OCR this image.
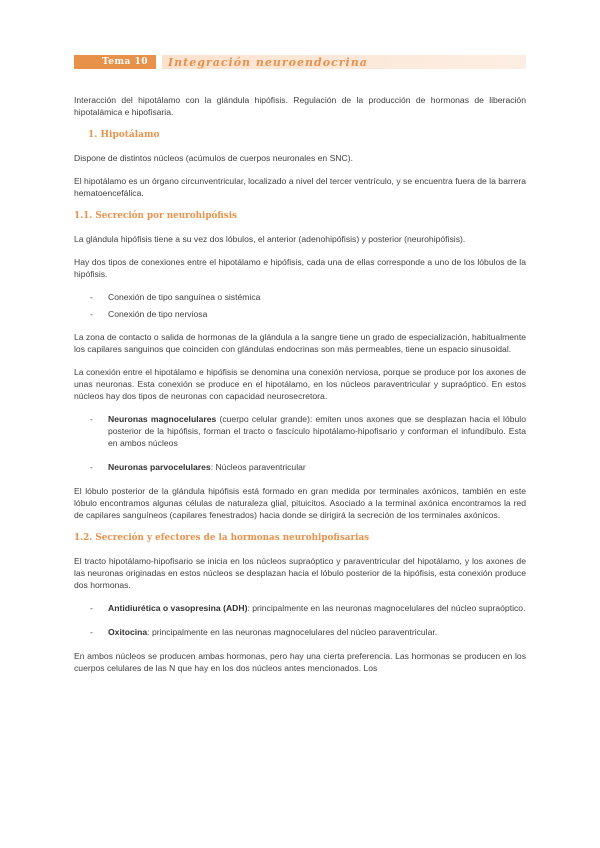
Tema 10	Integración neuroendocrina

Interacción del hipotálamo con la glándula hipófisis. Regulación de la producción de hormonas de liberación hipotalámica e hipofisaria.

1. Hipotálamo

Dispone de distintos núcleos (acúmulos de cuerpos neuronales en SNC).

El hipotálamo es un órgano circunventricular, localizado a nivel del tercer ventrículo, y se encuentra fuera de la barrera hematoencefálica.

1.1. Secreción por neurohipófisis

La glándula hipófisis tiene a su vez dos lóbulos, el anterior (adenohipófisis) y posterior (neurohipófisis).

Hay dos tipos de conexiones entre el hipotálamo e hipófisis, cada una de ellas corresponde a uno de los lóbulos de la hipófisis.

- Conexión de tipo sanguínea o sistémica
- Conexión de tipo nerviosa

La zona de contacto o salida de hormonas de la glándula a la sangre tiene un grado de especialización, habitualmente los capilares sanguinos que coinciden con glándulas endocrinas son más permeables, tiene un espacio sinusoidal.

La conexión entre el hipotálamo e hipófisis se denomina una conexión nerviosa, porque se produce por los axones de unas neuronas. Esta conexión se produce en el hipotálamo, en los núcleos paraventricular y supraóptico. En estos núcleos hay dos tipos de neuronas con capacidad neurosecretora.

- Neuronas magnocelulares (cuerpo celular grande): emiten unos axones que se desplazan hacia el lóbulo posterior de la hipófisis, forman el tracto o fascículo hipotálamo-hipofisario y conforman el infundíbulo. Esta en ambos núcleos
- Neuronas parvocelulares: Núcleos paraventricular

El lóbulo posterior de la glándula hipófisis está formado en gran medida por terminales axónicos, también en este lóbulo encontramos algunas células de naturaleza glial, pituicitos. Asociado a la terminal axónica encontramos la red de capilares sanguíneos (capilares fenestrados) hacia donde se dirigirá la secreción de los terminales axónicos.

1.2. Secreción y efectores de la hormonas neurohipofisarias

El tracto hipotálamo-hipofisario se inicia en los núcleos supraóptico y paraventricular del hipotálamo, y los axones de las neuronas originadas en estos núcleos se desplazan hacia el lóbulo posterior de la hipófisis, esta conexión produce dos hormonas.

- Antidiurética o vasopresina (ADH): principalmente en las neuronas magnocelulares del núcleo supraóptico.
- Oxitocina: principalmente en las neuronas magnocelulares del núcleo paraventricular.

En ambos núcleos se producen ambas hormonas, pero hay una cierta preferencia. Las hormonas se producen en los cuerpos celulares de las N que hay en los dos núcleos antes mencionados. Los
